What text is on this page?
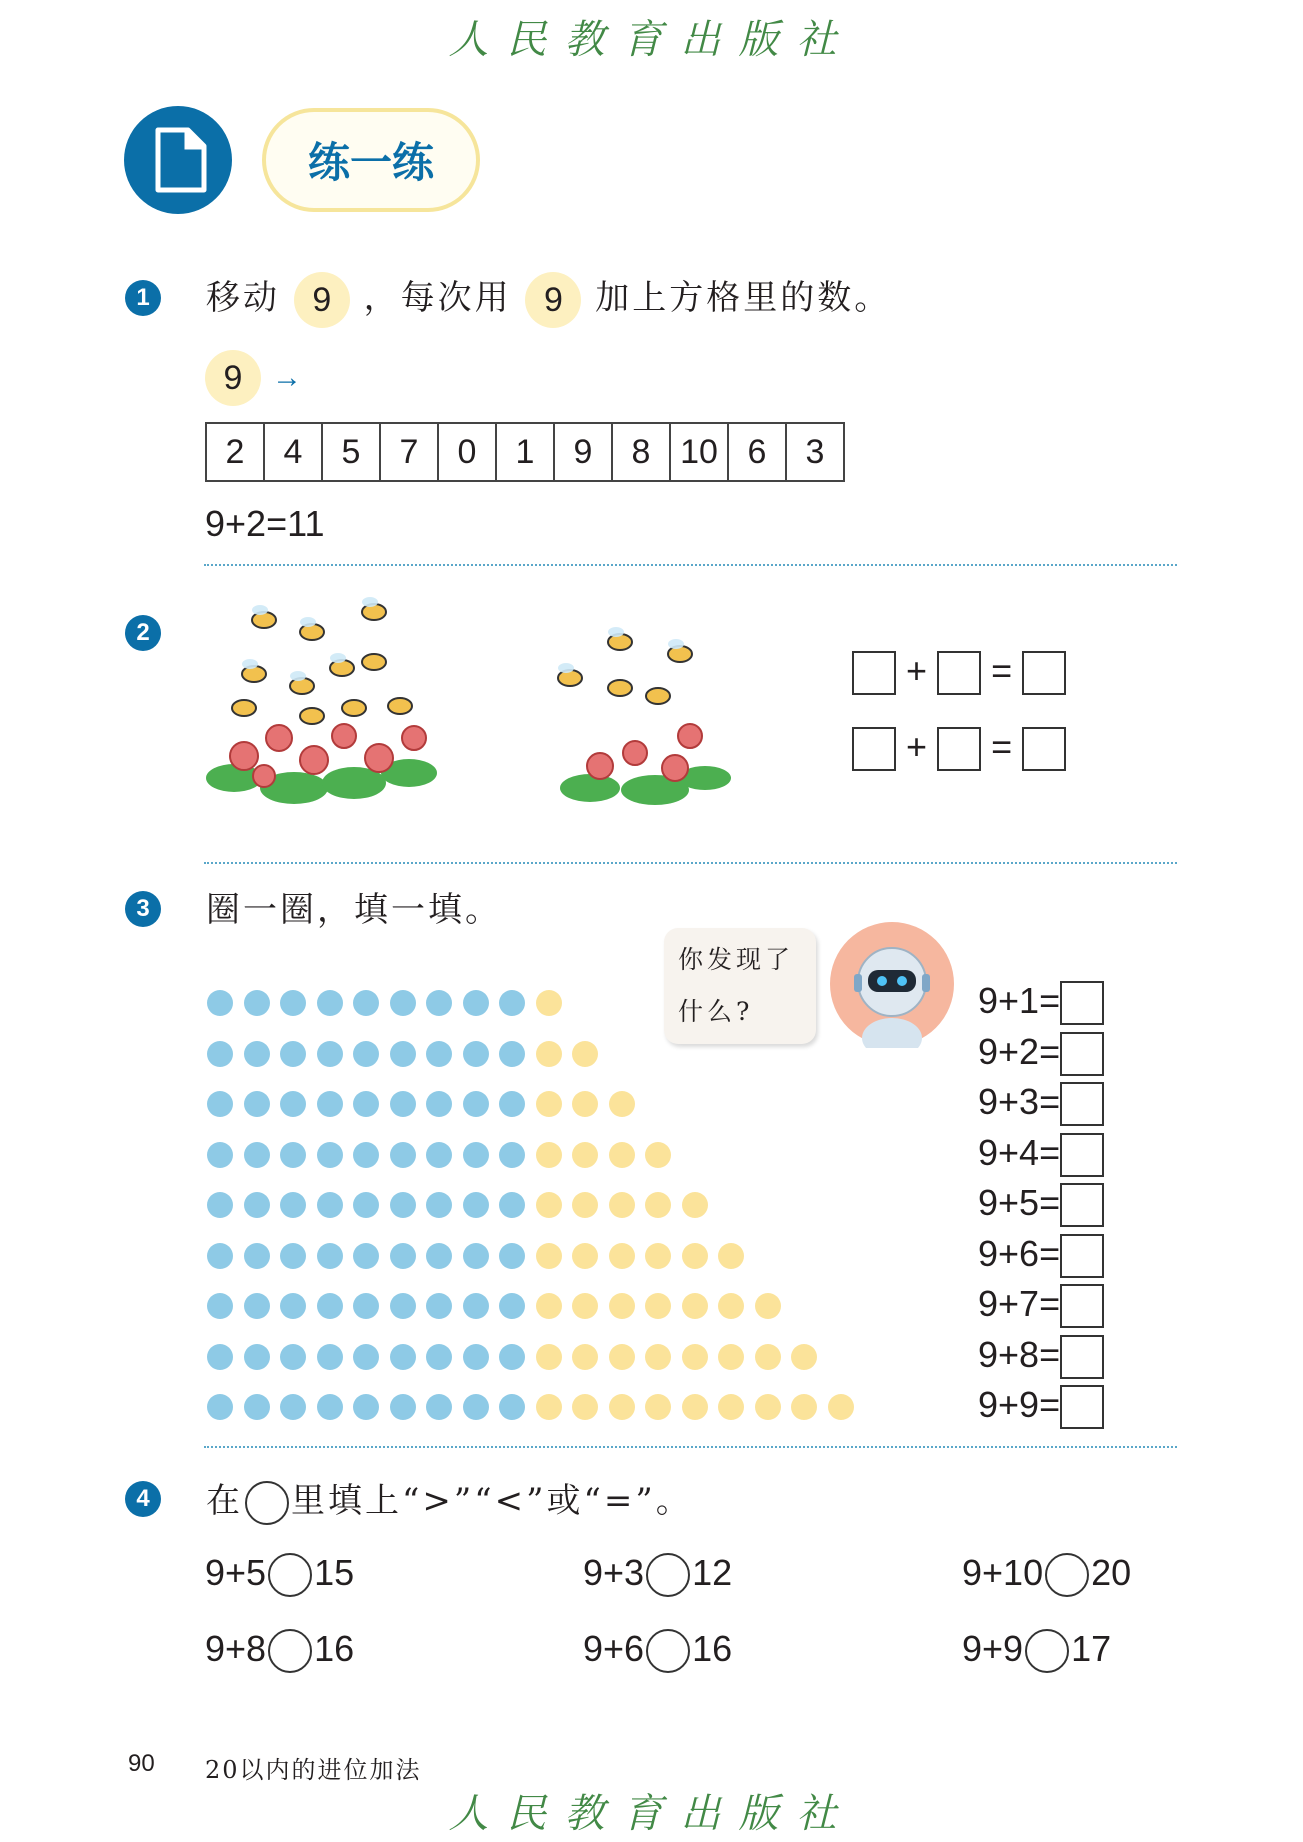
人民教育出版社
人民教育出版社
练一练
1	移动 9 ，每次用 9 加上方格里的数。
9 →
2	4	5	7	0	1	9	8 10 6	3
9+2=11
2
+ =
+ =
3	圈一圈，填一填。
你发现了
什么?	9+1=
9+2=
9+3=
9+4=
9+5=
9+6=
9+7=
9+8=
9+9=
4	在 里填上“>”“<”或“=”。
9+5 15	9+3 12	9+10 20
9+8 16	9+6 16	9+9 17
90 20以内的进位加法
